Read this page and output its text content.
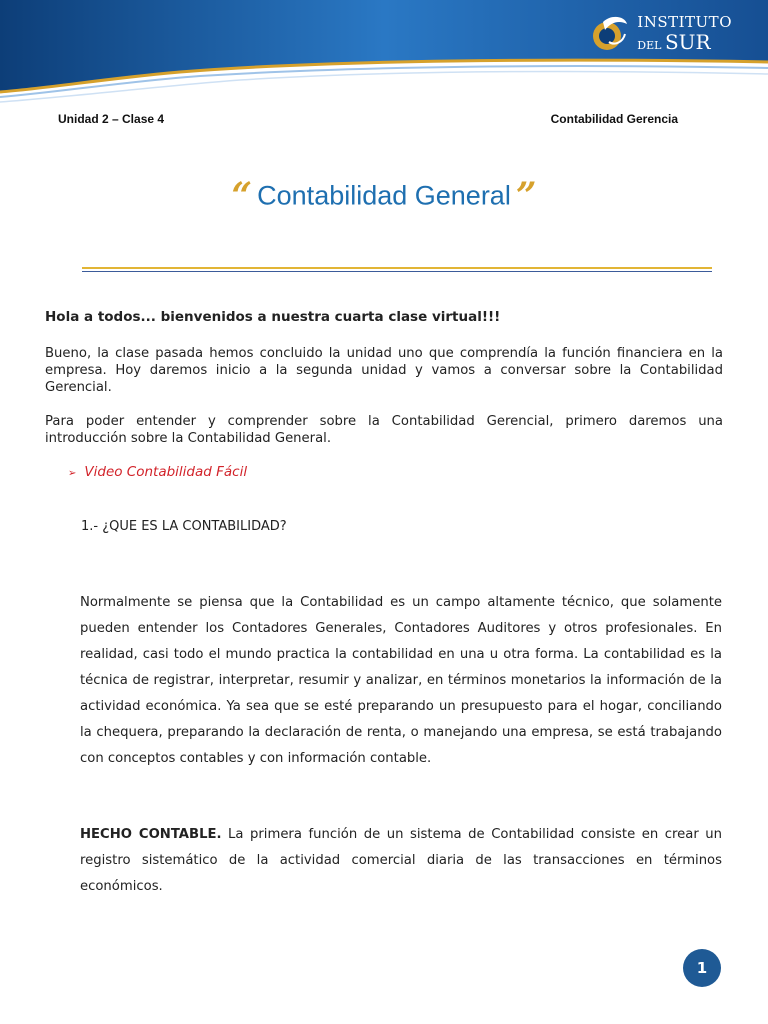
INSTITUTO
DEL SUR
Unidad 2 – Clase 4	Contabilidad Gerencia
“ Contabilidad General ”

Hola a todos... bienvenidos a nuestra cuarta clase virtual!!!

Bueno, la clase pasada hemos concluido la unidad uno que comprendía la función financiera en la empresa. Hoy daremos inicio a la segunda unidad y vamos a conversar sobre la Contabilidad Gerencial.

Para poder entender y comprender sobre la Contabilidad Gerencial, primero daremos una introducción sobre la Contabilidad General.

➢ Video Contabilidad Fácil
1.- ¿QUE ES LA CONTABILIDAD?

Normalmente se piensa que la Contabilidad es un campo altamente técnico, que solamente pueden entender los Contadores Generales, Contadores Auditores y otros profesionales. En realidad, casi todo el mundo practica la contabilidad en una u otra forma. La contabilidad es la técnica de registrar, interpretar, resumir y analizar, en términos monetarios la información de la actividad económica. Ya sea que se esté preparando un presupuesto para el hogar, conciliando la chequera, preparando la declaración de renta, o manejando una empresa, se está trabajando con conceptos contables y con información contable.

HECHO CONTABLE. La primera función de un sistema de Contabilidad consiste en crear un registro sistemático de la actividad comercial diaria de las transacciones en términos económicos.

1
